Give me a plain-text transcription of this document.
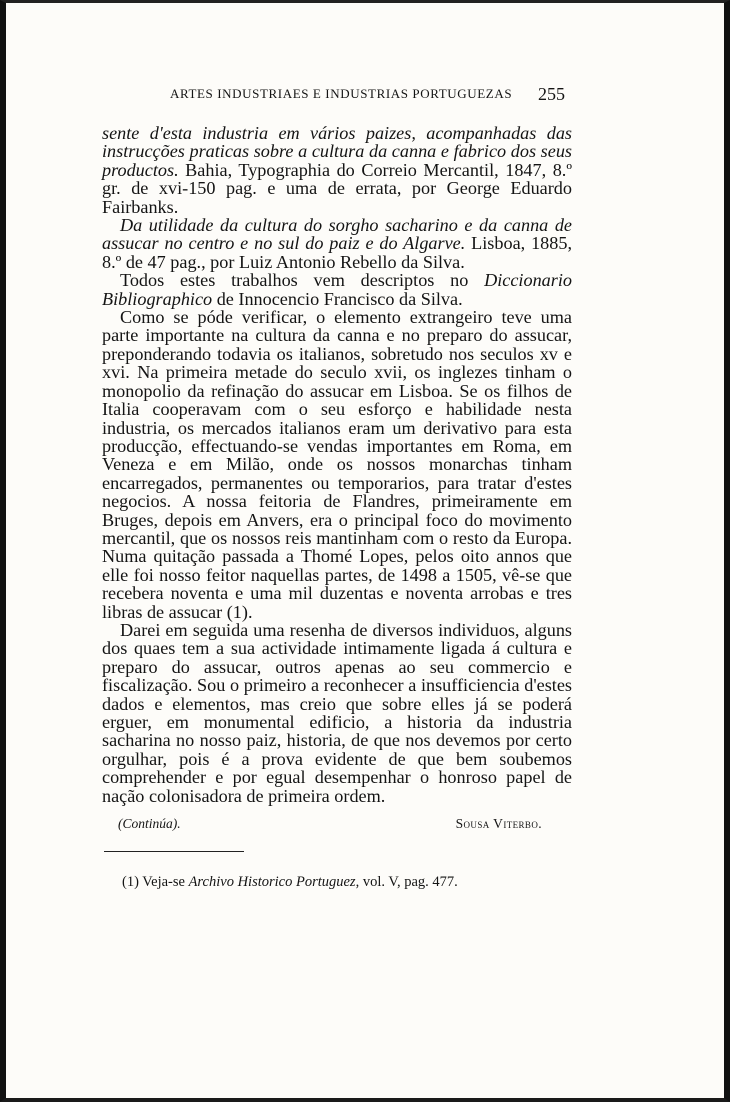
ARTES INDUSTRIAES E INDUSTRIAS PORTUGUEZAS 255

sente d'esta industria em vários paizes, acompanhadas das instrucções praticas sobre a cultura da canna e fabrico dos seus productos. Bahia, Typographia do Correio Mercantil, 1847, 8.º gr. de xvi-150 pag. e uma de errata, por George Eduardo Fairbanks.

Da utilidade da cultura do sorgho sacharino e da canna de assucar no centro e no sul do paiz e do Algarve. Lisboa, 1885, 8.º de 47 pag., por Luiz Antonio Rebello da Silva.

Todos estes trabalhos vem descriptos no Diccionario Bibliographico de Innocencio Francisco da Silva.

Como se póde verificar, o elemento extrangeiro teve uma parte importante na cultura da canna e no preparo do assucar, preponderando todavia os italianos, sobretudo nos seculos xv e xvi. Na primeira metade do seculo xvii, os inglezes tinham o monopolio da refinação do assucar em Lisboa. Se os filhos de Italia cooperavam com o seu esforço e habilidade nesta industria, os mercados italianos eram um derivativo para esta producção, effectuando-se vendas importantes em Roma, em Veneza e em Milão, onde os nossos monarchas tinham encarregados, permanentes ou temporarios, para tratar d'estes negocios. A nossa feitoria de Flandres, primeiramente em Bruges, depois em Anvers, era o principal foco do movimento mercantil, que os nossos reis mantinham com o resto da Europa. Numa quitação passada a Thomé Lopes, pelos oito annos que elle foi nosso feitor naquellas partes, de 1498 a 1505, vê-se que recebera noventa e uma mil duzentas e noventa arrobas e tres libras de assucar (1).

Darei em seguida uma resenha de diversos individuos, alguns dos quaes tem a sua actividade intimamente ligada á cultura e preparo do assucar, outros apenas ao seu commercio e fiscalização. Sou o primeiro a reconhecer a insufficiencia d'estes dados e elementos, mas creio que sobre elles já se poderá erguer, em monumental edificio, a historia da industria sacharina no nosso paiz, historia, de que nos devemos por certo orgulhar, pois é a prova evidente de que bem soubemos comprehender e por egual desempenhar o honroso papel de nação colonisadora de primeira ordem.

(Continúa).	Sousa Viterbo.
(1) Veja-se Archivo Historico Portuguez, vol. V, pag. 477.
